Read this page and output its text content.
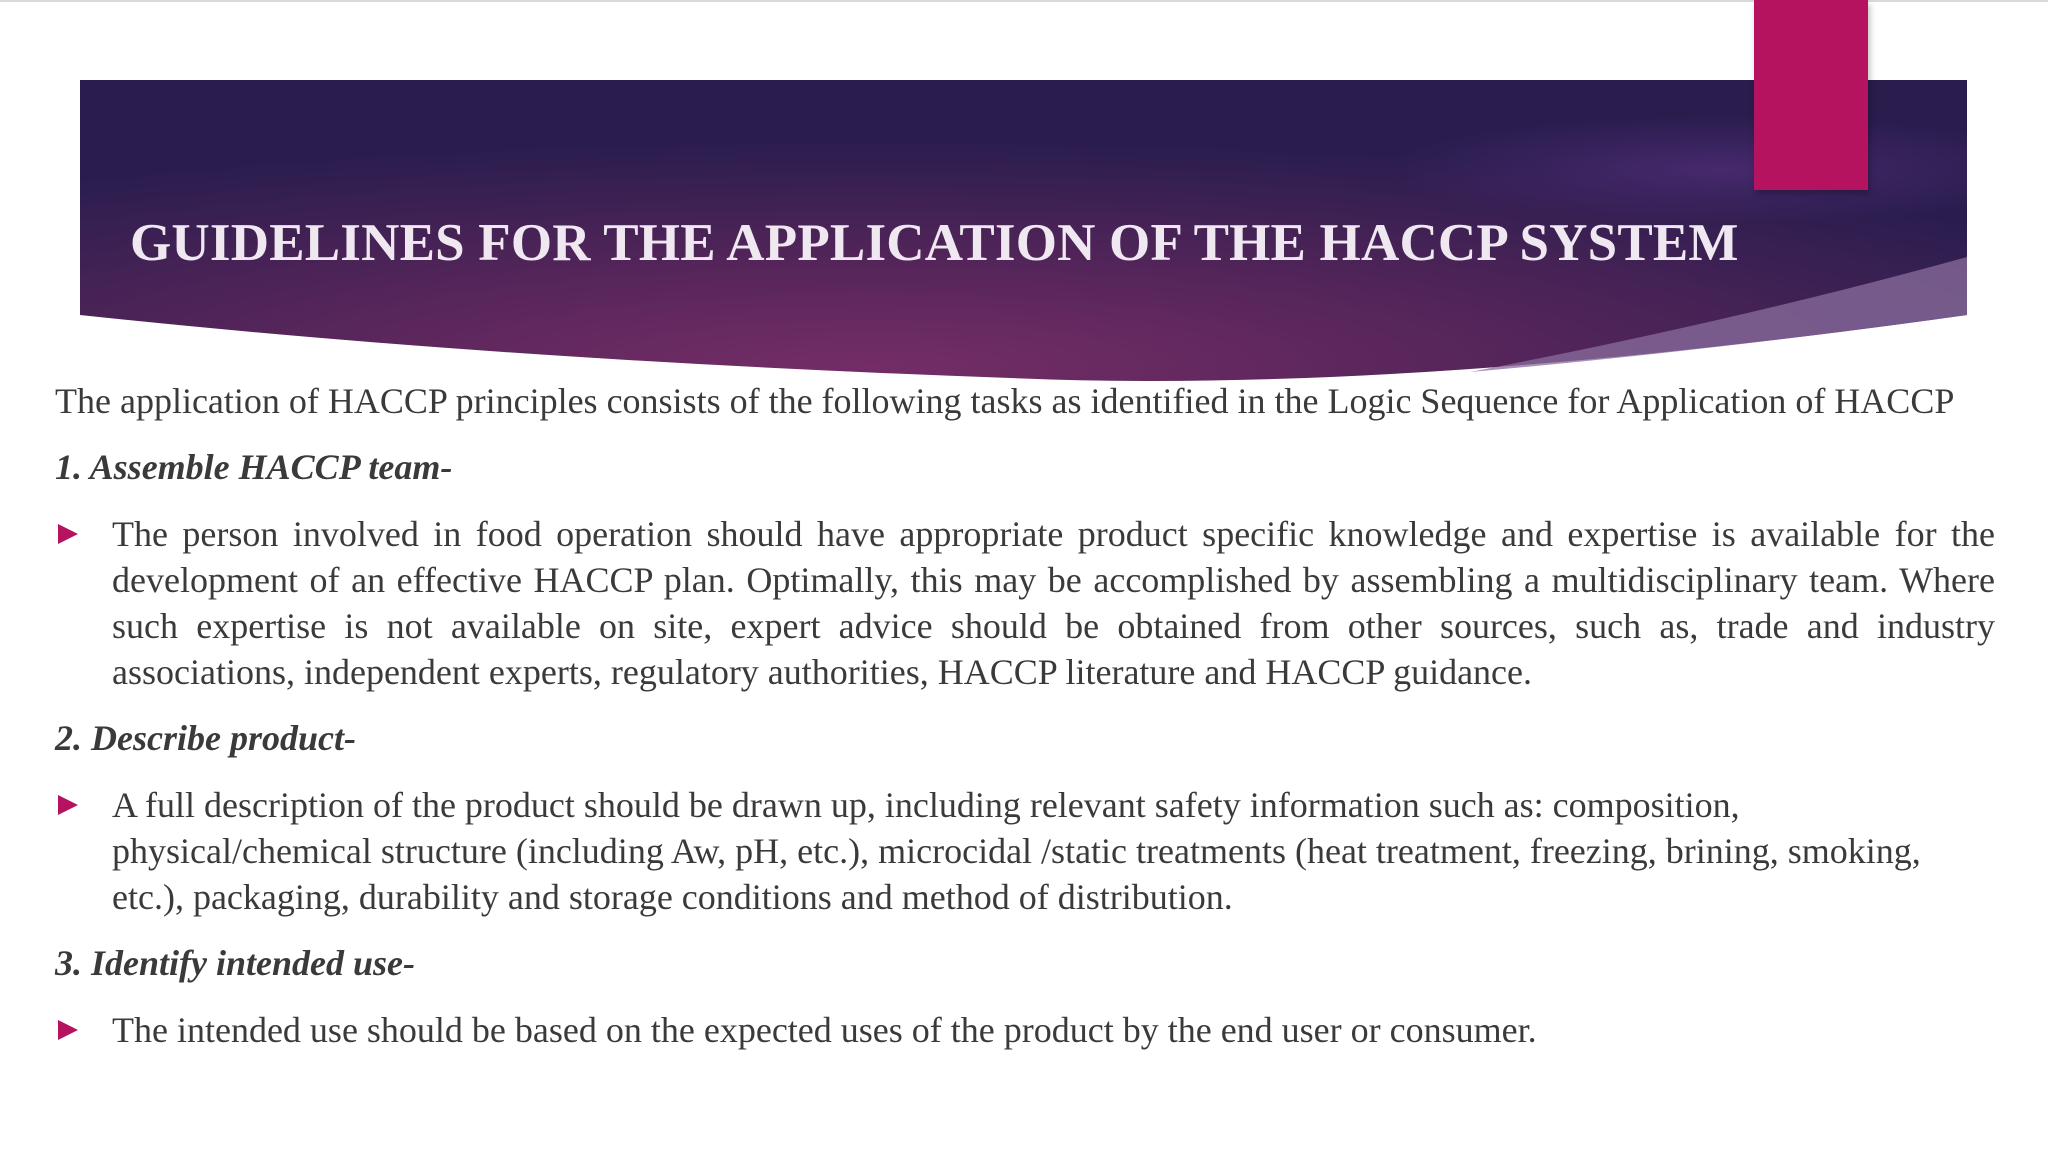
GUIDELINES FOR THE APPLICATION OF THE HACCP SYSTEM

The application of HACCP principles consists of the following tasks as identified in the Logic Sequence for Application of HACCP

1. Assemble HACCP team-

The person involved in food operation should have appropriate product specific knowledge and expertise is available for the development of an effective HACCP plan. Optimally, this may be accomplished by assembling a multidisciplinary team. Where such expertise is not available on site, expert advice should be obtained from other sources, such as, trade and industry associations, independent experts, regulatory authorities, HACCP literature and HACCP guidance.

2. Describe product-

A full description of the product should be drawn up, including relevant safety information such as: composition, physical/chemical structure (including Aw, pH, etc.), microcidal /static treatments (heat treatment, freezing, brining, smoking, etc.), packaging, durability and storage conditions and method of distribution.

3. Identify intended use-

The intended use should be based on the expected uses of the product by the end user or consumer.
